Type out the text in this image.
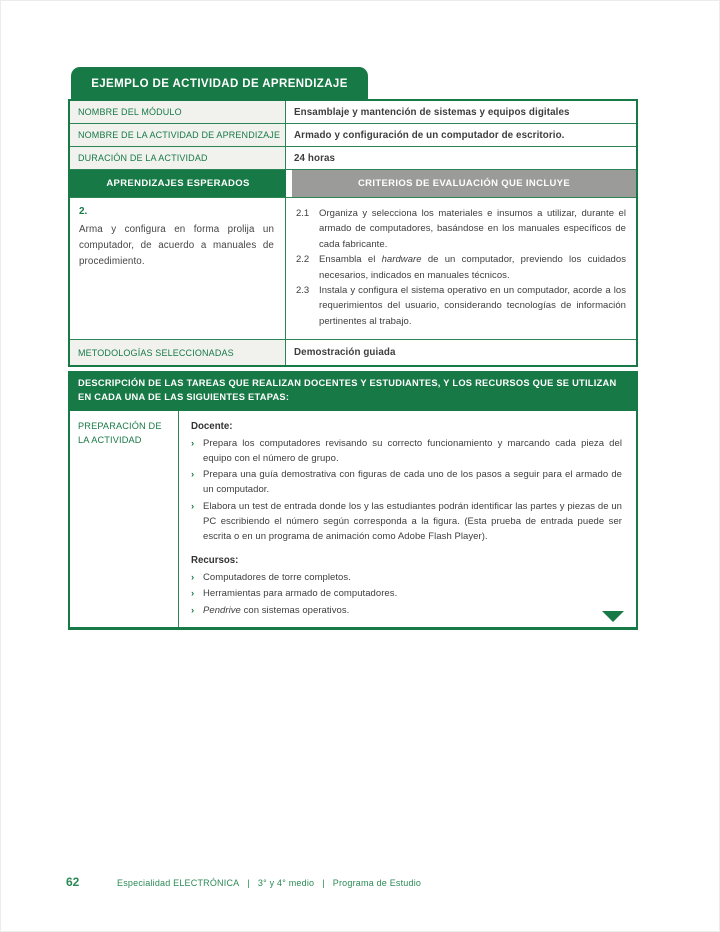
EJEMPLO DE ACTIVIDAD DE APRENDIZAJE
NOMBRE DEL MÓDULO	Ensamblaje y mantención de sistemas y equipos digitales
NOMBRE DE LA ACTIVIDAD DE APRENDIZAJE	Armado y configuración de un computador de escritorio.
DURACIÓN DE LA ACTIVIDAD	24 horas
APRENDIZAJES ESPERADOS	CRITERIOS DE EVALUACIÓN QUE INCLUYE
2.
Arma y configura en forma prolija un computador, de acuerdo a manuales de procedimiento.
2.1	Organiza y selecciona los materiales e insumos a utilizar, durante el armado de computadores, basándose en los manuales específicos de cada fabricante.
2.2	Ensambla el hardware de un computador, previendo los cuidados necesarios, indicados en manuales técnicos.
2.3	Instala y configura el sistema operativo en un computador, acorde a los requerimientos del usuario, considerando tecnologías de información pertinentes al trabajo.
METODOLOGÍAS SELECCIONADAS	Demostración guiada
DESCRIPCIÓN DE LAS TAREAS QUE REALIZAN DOCENTES Y ESTUDIANTES, Y LOS RECURSOS QUE SE UTILIZAN EN CADA UNA DE LAS SIGUIENTES ETAPAS:
PREPARACIÓN DE LA ACTIVIDAD
Docente:
› Prepara los computadores revisando su correcto funcionamiento y marcando cada pieza del equipo con el número de grupo.
› Prepara una guía demostrativa con figuras de cada uno de los pasos a seguir para el armado de un computador.
› Elabora un test de entrada donde los y las estudiantes podrán identificar las partes y piezas de un PC escribiendo el número según corresponda a la figura. (Esta prueba de entrada puede ser escrita o en un programa de animación como Adobe Flash Player).
Recursos:
› Computadores de torre completos.
› Herramientas para armado de computadores.
› Pendrive con sistemas operativos.
62	Especialidad ELECTRÓNICA | 3° y 4° medio | Programa de Estudio
